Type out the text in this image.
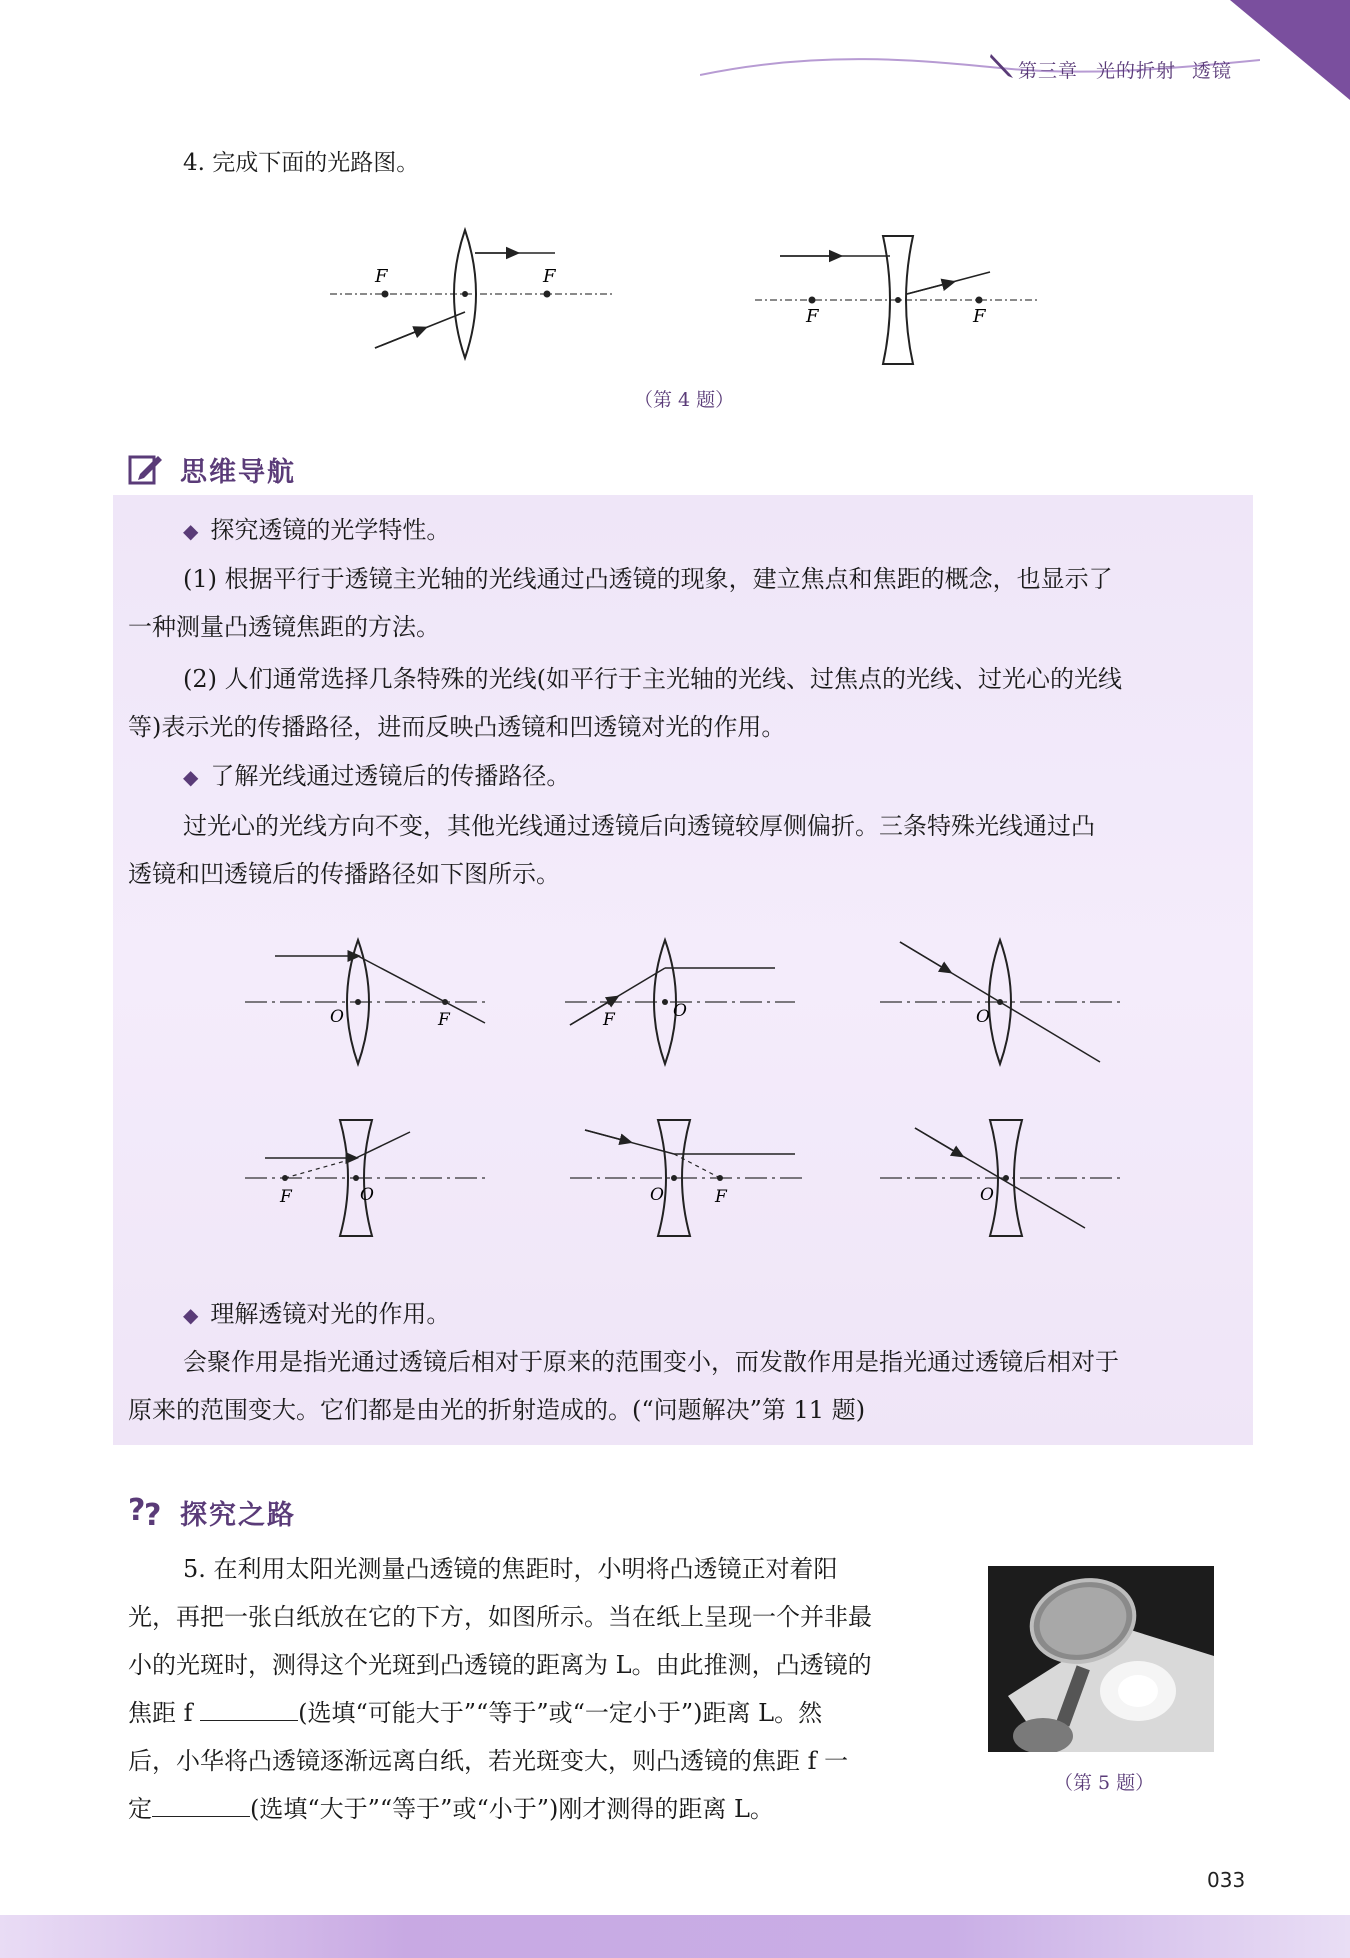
第三章 光的折射 透镜
4. 完成下面的光路图。
F	F
F	F
（第 4 题）
思维导航
◆ 探究透镜的光学特性。
(1) 根据平行于透镜主光轴的光线通过凸透镜的现象，建立焦点和焦距的概念，也显示了
一种测量凸透镜焦距的方法。
(2) 人们通常选择几条特殊的光线(如平行于主光轴的光线、过焦点的光线、过光心的光线
等)表示光的传播路径，进而反映凸透镜和凹透镜对光的作用。
◆ 了解光线通过透镜后的传播路径。
过光心的光线方向不变，其他光线通过透镜后向透镜较厚侧偏折。三条特殊光线通过凸
透镜和凹透镜后的传播路径如下图所示。
O	F	O
F	O
O
F	O	F	O
◆ 理解透镜对光的作用。
会聚作用是指光通过透镜后相对于原来的范围变小，而发散作用是指光通过透镜后相对于
原来的范围变大。它们都是由光的折射造成的。(“问题解决”第 11 题)
?
? 探究之路
5. 在利用太阳光测量凸透镜的焦距时，小明将凸透镜正对着阳
光，再把一张白纸放在它的下方，如图所示。当在纸上呈现一个并非最
小的光斑时，测得这个光斑到凸透镜的距离为 L。由此推测，凸透镜的
焦距 f	(选填“可能大于”“等于”或“一定小于”)距离 L。然
后，小华将凸透镜逐渐远离白纸，若光斑变大，则凸透镜的焦距 f 一
定	(选填“大于”“等于”或“小于”)刚才测得的距离 L。
（第 5 题）
033
